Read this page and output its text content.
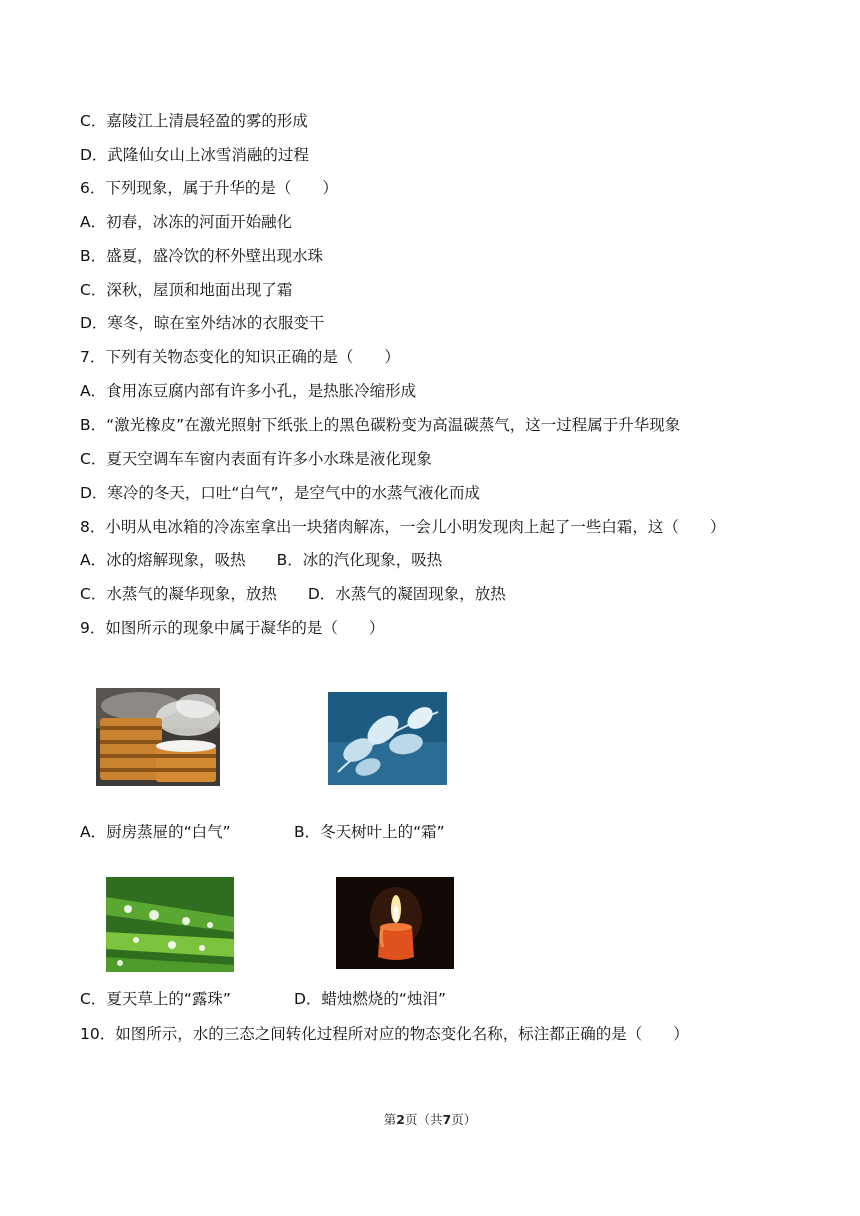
C．嘉陵江上清晨轻盈的雾的形成
D．武隆仙女山上冰雪消融的过程
6．下列现象，属于升华的是（　　）
A．初春，冰冻的河面开始融化
B．盛夏，盛冷饮的杯外壁出现水珠
C．深秋，屋顶和地面出现了霜
D．寒冬，晾在室外结冰的衣服变干
7．下列有关物态变化的知识正确的是（　　）
A．食用冻豆腐内部有许多小孔，是热胀冷缩形成
B．“激光橡皮”在激光照射下纸张上的黑色碳粉变为高温碳蒸气，这一过程属于升华现象
C．夏天空调车车窗内表面有许多小水珠是液化现象
D．寒冷的冬天，口吐“白气”，是空气中的水蒸气液化而成
8．小明从电冰箱的冷冻室拿出一块猪肉解冻，一会儿小明发现肉上起了一些白霜，这（　　）
A．冰的熔解现象，吸热　　B．冰的汽化现象，吸热
C．水蒸气的凝华现象，放热　　D．水蒸气的凝固现象，放热
9．如图所示的现象中属于凝华的是（　　）
A．厨房蒸屉的“白气”	B．冬天树叶上的“霜”
C．夏天草上的“露珠”	D．蜡烛燃烧的“烛泪”
10．如图所示，水的三态之间转化过程所对应的物态变化名称，标注都正确的是（　　）
第2页（共7页）
